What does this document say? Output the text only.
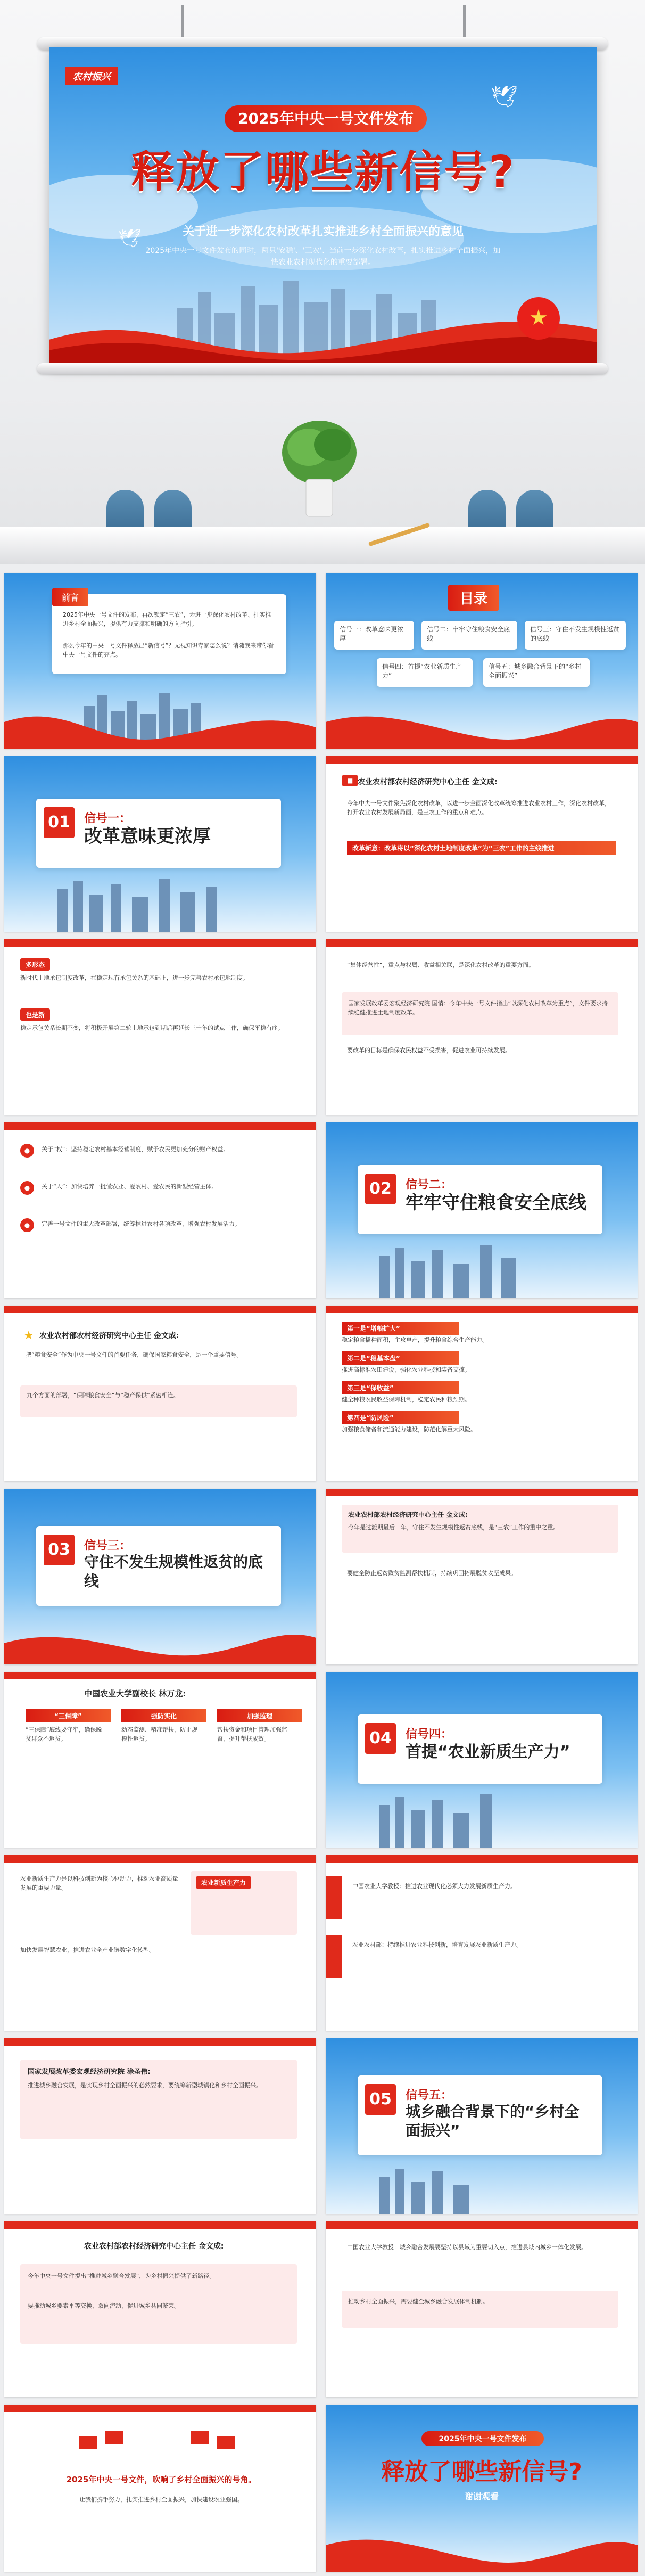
农村振兴
🕊
🕊
2025年中央一号文件发布
释放了哪些新信号?
关于进一步深化农村改革扎实推进乡村全面振兴的意见
2025年中央一号文件发布的同时，两只'安稳'、'三农'、当前一步深化农村改革，扎实推进乡村全面振兴，加快农业农村现代化的重要部署。
★
前言
2025年中央一号文件的发布，再次锁定“三农”，为进一步深化农村改革、扎实推进乡村全面振兴，提供有力支撑和明确的方向指引。
那么今年的中央一号文件释放出“新信号”？无视知识专家怎么说？请随我来带你看中央一号文件的亮点。
目录
信号一：改革意味更浓厚
信号二：牢牢守住粮食安全底线
信号三：守住不发生规模性返贫的底线
信号四：首提“农业新质生产力”
信号五：城乡融合背景下的“乡村全面振兴”
01	信号一：
改革意味更浓厚
🕊
■ 农业农村部农村经济研究中心主任 金文成:
今年中央一号文件聚焦深化农村改革，以进一步全面深化改革统筹推进农业农村工作，深化农村改革，打开农业农村发展新局面，是三农工作的重点和难点。
改革新意：改革将以“深化农村土地制度改革”为“三农”工作的主线推进
多形态
新时代土地承包制度改革，在稳定现有承包关系的基础上，进一步完善农村承包地制度。
也是新
稳定承包关系长期不变，将积极开展第二轮土地承包到期后再延长三十年的试点工作，确保平稳有序。
“集体经营性”，重点与权属、收益相关联，是深化农村改革的重要方面。
国家发展改革委宏观经济研究院 国情：今年中央一号文件指出“以深化农村改革为重点”，文件要求持续稳健推进土地制度改革。
要改革的目标是确保农民权益不受损害，促进农业可持续发展。
●	关于“权”：坚持稳定农村基本经营制度，赋予农民更加充分的财产权益。
●	关于“人”：加快培养一批懂农业、爱农村、爱农民的新型经营主体。
●	完善一号文件的重大改革部署，统筹推进农村各项改革，增强农村发展活力。
02	信号二：
牢牢守住粮食安全底线
★ 农业农村部农村经济研究中心主任 金文成:
把“粮食安全”作为中央一号文件的首要任务，确保国家粮食安全，是一个重要信号。
九个方面的部署，“保障粮食安全”与“稳产保供”紧密相连。
第一是“增粮扩大”
稳定粮食播种面积，主攻单产，提升粮食综合生产能力。
第二是“稳基本盘”
推进高标准农田建设，强化农业科技和装备支撑。
第三是“保收益”
健全种粮农民收益保障机制，稳定农民种粮预期。
第四是“防风险”
加强粮食储备和流通能力建设，防范化解重大风险。
03	信号三：
守住不发生规模性返贫的底线
农业农村部农村经济研究中心主任 金文成:
今年是过渡期最后一年，守住不发生规模性返贫底线，是“三农”工作的重中之重。
要健全防止返贫致贫监测帮扶机制，持续巩固拓展脱贫攻坚成果。
中国农业大学副校长 林万龙:
“三保障”
“三保障”底线要守牢，确保脱贫群众不返贫。
强防实化
动态监测、精准帮扶，防止规模性返贫。
加强监理
帮扶资金和项目管理加强监督，提升帮扶成效。	04	信号四：
首提“农业新质生产力”
农业新质生产力是以科技创新为核心驱动力，推动农业高质量发展的重要力量。
农业新质生产力
加快发展智慧农业，推进农业全产业链数字化转型。
中国农业大学教授：推进农业现代化必须大力发展新质生产力。
农业农村部：持续推进农业科技创新，培育发展农业新质生产力。
国家发展改革委宏观经济研究院 涂圣伟:
推进城乡融合发展，是实现乡村全面振兴的必然要求，要统筹新型城镇化和乡村全面振兴。
05	信号五：
城乡融合背景下的“乡村全面振兴”
农业农村部农村经济研究中心主任 金文成:
今年中央一号文件提出“推进城乡融合发展”，为乡村振兴提供了新路径。
要推动城乡要素平等交换、双向流动，促进城乡共同繁荣。
中国农业大学教授：城乡融合发展要坚持以县域为重要切入点，推进县域内城乡一体化发展。
推动乡村全面振兴，需要健全城乡融合发展体制机制。
2025年中央一号文件，吹响了乡村全面振兴的号角。
让我们携手努力，扎实推进乡村全面振兴，加快建设农业强国。
2025年中央一号文件发布
释放了哪些新信号?
谢谢观看
